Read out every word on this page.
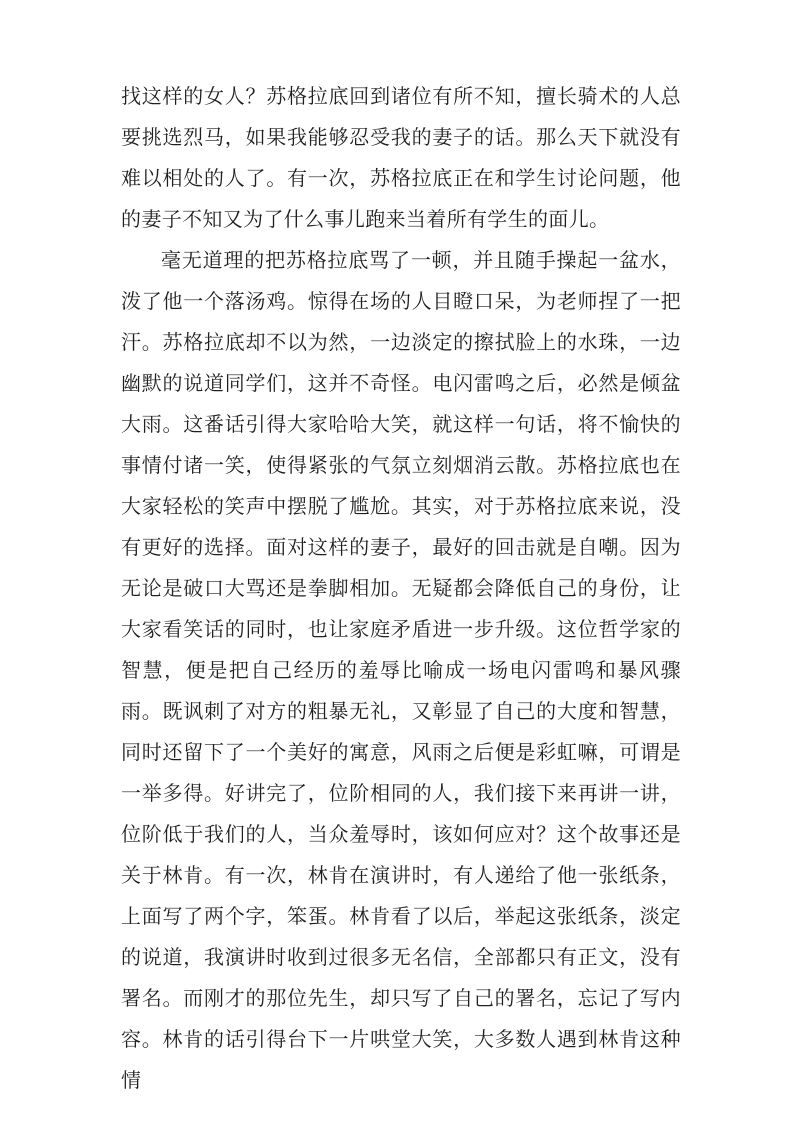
找这样的女人？苏格拉底回到诸位有所不知，擅长骑术的人总要挑选烈马，如果我能够忍受我的妻子的话。那么天下就没有难以相处的人了。有一次，苏格拉底正在和学生讨论问题，他的妻子不知又为了什么事儿跑来当着所有学生的面儿。

毫无道理的把苏格拉底骂了一顿，并且随手操起一盆水，泼了他一个落汤鸡。惊得在场的人目瞪口呆，为老师捏了一把汗。苏格拉底却不以为然，一边淡定的擦拭脸上的水珠，一边幽默的说道同学们，这并不奇怪。电闪雷鸣之后，必然是倾盆大雨。这番话引得大家哈哈大笑，就这样一句话，将不愉快的事情付诸一笑，使得紧张的气氛立刻烟消云散。苏格拉底也在大家轻松的笑声中摆脱了尴尬。其实，对于苏格拉底来说，没有更好的选择。面对这样的妻子，最好的回击就是自嘲。因为无论是破口大骂还是拳脚相加。无疑都会降低自己的身份，让大家看笑话的同时，也让家庭矛盾进一步升级。这位哲学家的智慧，便是把自己经历的羞辱比喻成一场电闪雷鸣和暴风骤雨。既讽刺了对方的粗暴无礼，又彰显了自己的大度和智慧，同时还留下了一个美好的寓意，风雨之后便是彩虹嘛，可谓是一举多得。好讲完了，位阶相同的人，我们接下来再讲一讲，位阶低于我们的人，当众羞辱时，该如何应对？这个故事还是关于林肯。有一次，林肯在演讲时，有人递给了他一张纸条，上面写了两个字，笨蛋。林肯看了以后，举起这张纸条，淡定的说道，我演讲时收到过很多无名信，全部都只有正文，没有署名。而刚才的那位先生，却只写了自己的署名，忘记了写内容。林肯的话引得台下一片哄堂大笑，大多数人遇到林肯这种情
